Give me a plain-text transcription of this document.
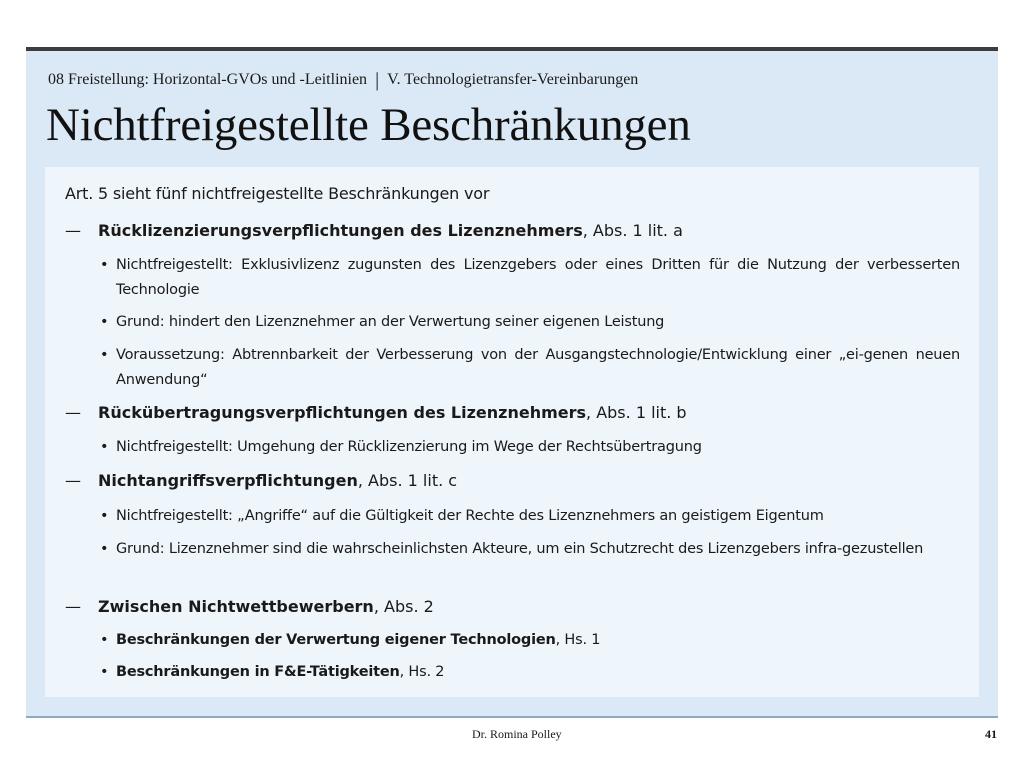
08 Freistellung: Horizontal-GVOs und -Leitlinien | V. Technologietransfer-Vereinbarungen
Nichtfreigestellte Beschränkungen
Art. 5 sieht fünf nichtfreigestellte Beschränkungen vor
— Rücklizenzierungsverpflichtungen des Lizenznehmers, Abs. 1 lit. a
• Nichtfreigestellt: Exklusivlizenz zugunsten des Lizenzgebers oder eines Dritten für die Nutzung der verbesserten Technologie
• Grund: hindert den Lizenznehmer an der Verwertung seiner eigenen Leistung
• Voraussetzung: Abtrennbarkeit der Verbesserung von der Ausgangstechnologie/Entwicklung einer „ei-genen neuen Anwendung“
— Rückübertragungsverpflichtungen des Lizenznehmers, Abs. 1 lit. b
• Nichtfreigestellt: Umgehung der Rücklizenzierung im Wege der Rechtsübertragung
— Nichtangriffsverpflichtungen, Abs. 1 lit. c
• Nichtfreigestellt: „Angriffe“ auf die Gültigkeit der Rechte des Lizenznehmers an geistigem Eigentum
• Grund: Lizenznehmer sind die wahrscheinlichsten Akteure, um ein Schutzrecht des Lizenzgebers infra-gezustellen
— Zwischen Nichtwettbewerbern, Abs. 2
• Beschränkungen der Verwertung eigener Technologien, Hs. 1
• Beschränkungen in F&E-Tätigkeiten, Hs. 2
Dr. Romina Polley	41
